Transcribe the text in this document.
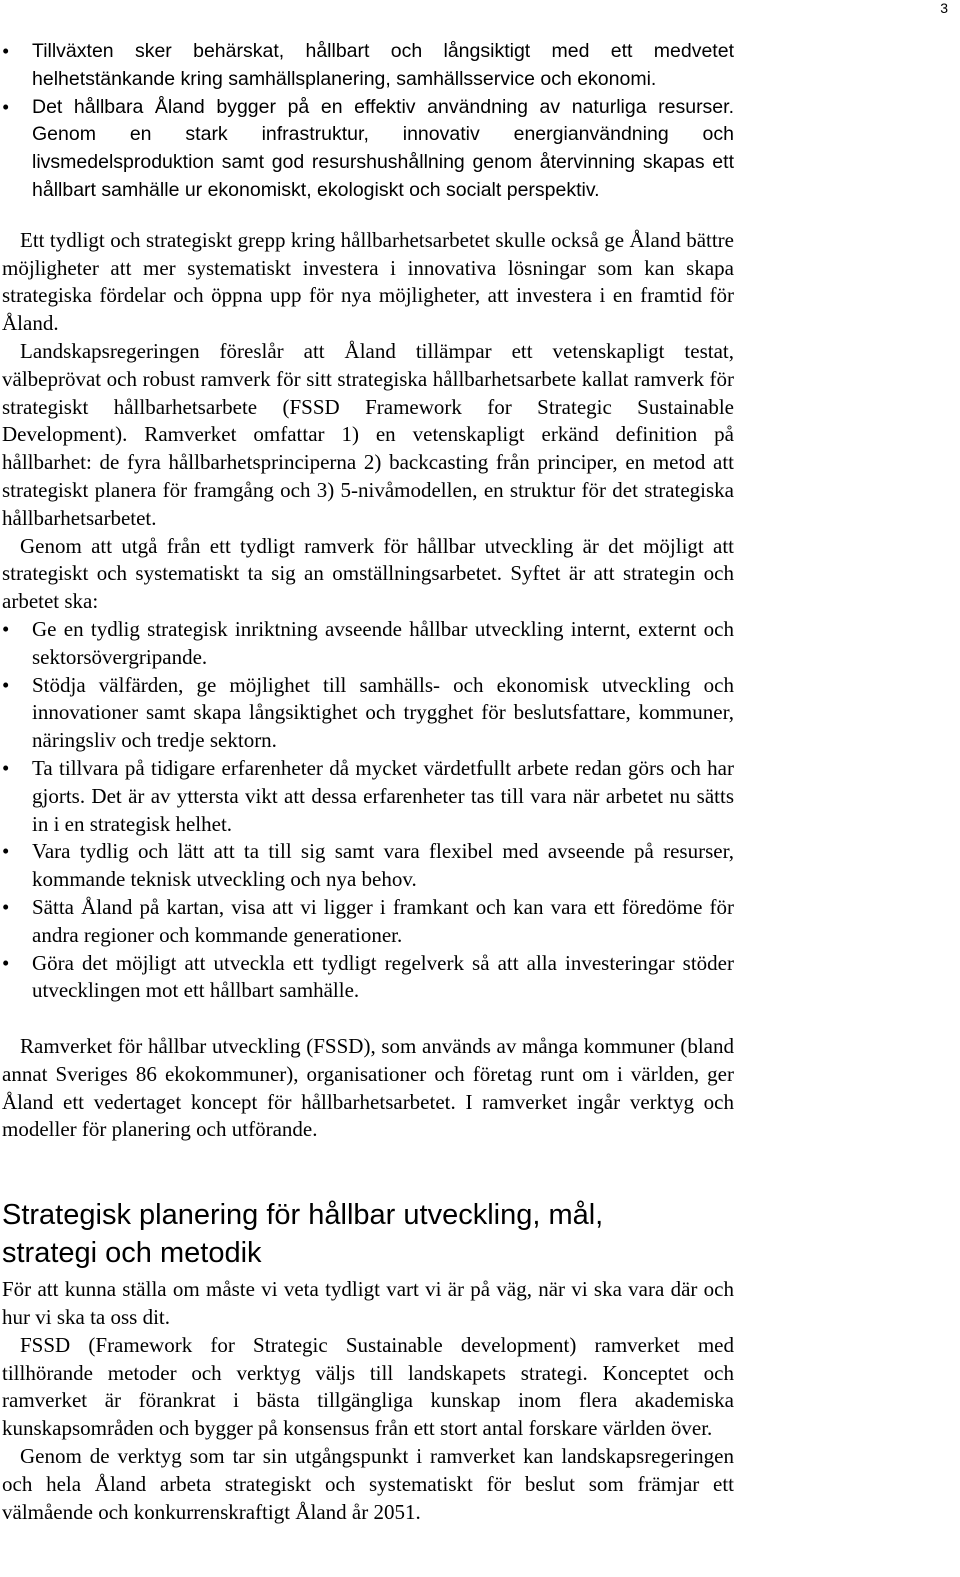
3
• Tillväxten sker behärskat, hållbart och långsiktigt med ett medvetet helhetstänkande kring samhällsplanering, samhällsservice och ekonomi.

• Det hållbara Åland bygger på en effektiv användning av naturliga resurser. Genom en stark infrastruktur, innovativ energianvändning och livsmedelsproduktion samt god resurshushållning genom återvinning skapas ett hållbart samhälle ur ekonomiskt, ekologiskt och socialt perspektiv.

Ett tydligt och strategiskt grepp kring hållbarhetsarbetet skulle också ge Åland bättre möjligheter att mer systematiskt investera i innovativa lösningar som kan skapa strategiska fördelar och öppna upp för nya möjligheter, att investera i en framtid för Åland.

Landskapsregeringen föreslår att Åland tillämpar ett vetenskapligt testat, välbeprövat och robust ramverk för sitt strategiska hållbarhetsarbete kallat ramverk för strategiskt hållbarhetsarbete (FSSD Framework for Strategic Sustainable Development). Ramverket omfattar 1) en vetenskapligt erkänd definition på hållbarhet: de fyra hållbarhetsprinciperna 2) backcasting från principer, en metod att strategiskt planera för framgång och 3) 5-nivåmodellen, en struktur för det strategiska hållbarhetsarbetet.

Genom att utgå från ett tydligt ramverk för hållbar utveckling är det möjligt att strategiskt och systematiskt ta sig an omställningsarbetet. Syftet är att strategin och arbetet ska:

• Ge en tydlig strategisk inriktning avseende hållbar utveckling internt, externt och sektorsövergripande.

• Stödja välfärden, ge möjlighet till samhälls- och ekonomisk utveckling och innovationer samt skapa långsiktighet och trygghet för beslutsfattare, kommuner, näringsliv och tredje sektorn.

• Ta tillvara på tidigare erfarenheter då mycket värdetfullt arbete redan görs och har gjorts. Det är av yttersta vikt att dessa erfarenheter tas till vara när arbetet nu sätts in i en strategisk helhet.

• Vara tydlig och lätt att ta till sig samt vara flexibel med avseende på resurser, kommande teknisk utveckling och nya behov.

• Sätta Åland på kartan, visa att vi ligger i framkant och kan vara ett föredöme för andra regioner och kommande generationer.

• Göra det möjligt att utveckla ett tydligt regelverk så att alla investeringar stöder utvecklingen mot ett hållbart samhälle.

Ramverket för hållbar utveckling (FSSD), som används av många kommuner (bland annat Sveriges 86 ekokommuner), organisationer och företag runt om i världen, ger Åland ett vedertaget koncept för hållbarhetsarbetet. I ramverket ingår verktyg och modeller för planering och utförande.

Strategisk planering för hållbar utveckling, mål, strategi och metodik

För att kunna ställa om måste vi veta tydligt vart vi är på väg, när vi ska vara där och hur vi ska ta oss dit.

FSSD (Framework for Strategic Sustainable development) ramverket med tillhörande metoder och verktyg väljs till landskapets strategi. Konceptet och ramverket är förankrat i bästa tillgängliga kunskap inom flera akademiska kunskapsområden och bygger på konsensus från ett stort antal forskare världen över.

Genom de verktyg som tar sin utgångspunkt i ramverket kan landskapsregeringen och hela Åland arbeta strategiskt och systematiskt för beslut som främjar ett välmående och konkurrenskraftigt Åland år 2051.
